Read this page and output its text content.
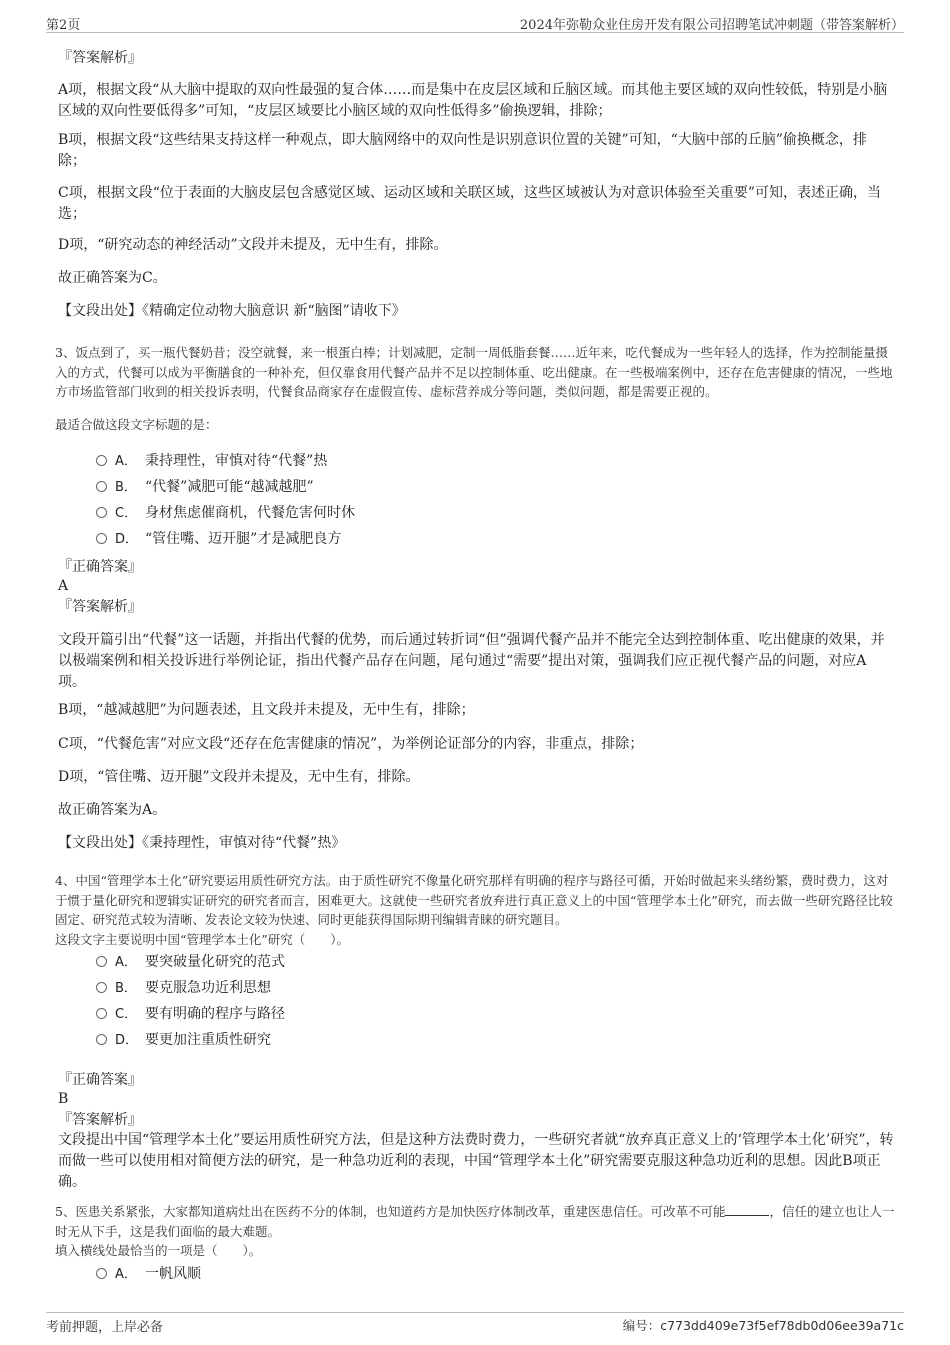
第2页	2024年弥勒众业住房开发有限公司招聘笔试冲刺题（带答案解析）

『答案解析』

A项，根据文段“从大脑中提取的双向性最强的复合体……而是集中在皮层区域和丘脑区域。而其他主要区域的双向性较低，特别是小脑区域的双向性要低得多”可知，“皮层区域要比小脑区域的双向性低得多”偷换逻辑，排除；

B项，根据文段“这些结果支持这样一种观点，即大脑网络中的双向性是识别意识位置的关键”可知，“大脑中部的丘脑”偷换概念，排除；

C项，根据文段“位于表面的大脑皮层包含感觉区域、运动区域和关联区域，这些区域被认为对意识体验至关重要”可知，表述正确，当选；

D项，“研究动态的神经活动”文段并未提及，无中生有，排除。

故正确答案为C。

【文段出处】《精确定位动物大脑意识 新“脑图”请收下》

3、饭点到了，买一瓶代餐奶昔；没空就餐，来一根蛋白棒；计划减肥，定制一周低脂套餐……近年来，吃代餐成为一些年轻人的选择，作为控制能量摄入的方式，代餐可以成为平衡膳食的一种补充，但仅靠食用代餐产品并不足以控制体重、吃出健康。在一些极端案例中，还存在危害健康的情况，一些地方市场监管部门收到的相关投诉表明，代餐食品商家存在虚假宣传、虚标营养成分等问题，类似问题，都是需要正视的。

最适合做这段文字标题的是：

A． 秉持理性，审慎对待“代餐”热
B． “代餐”减肥可能“越减越肥”
C． 身材焦虑催商机，代餐危害何时休
D． “管住嘴、迈开腿”才是减肥良方

『正确答案』

A

『答案解析』

文段开篇引出“代餐”这一话题，并指出代餐的优势，而后通过转折词“但”强调代餐产品并不能完全达到控制体重、吃出健康的效果，并以极端案例和相关投诉进行举例论证，指出代餐产品存在问题，尾句通过“需要”提出对策，强调我们应正视代餐产品的问题，对应A项。

B项，“越减越肥”为问题表述，且文段并未提及，无中生有，排除；

C项，“代餐危害”对应文段“还存在危害健康的情况”，为举例论证部分的内容，非重点，排除；

D项，“管住嘴、迈开腿”文段并未提及，无中生有，排除。

故正确答案为A。

【文段出处】《秉持理性，审慎对待“代餐”热》

4、中国“管理学本土化”研究要运用质性研究方法。由于质性研究不像量化研究那样有明确的程序与路径可循，开始时做起来头绪纷繁，费时费力，这对于惯于量化研究和逻辑实证研究的研究者而言，困难更大。这就使一些研究者放弃进行真正意义上的中国“管理学本土化”研究，而去做一些研究路径比较固定、研究范式较为清晰、发表论文较为快速、同时更能获得国际期刊编辑青睐的研究题目。

这段文字主要说明中国“管理学本土化”研究（　　）。

A． 要突破量化研究的范式
B． 要克服急功近利思想
C． 要有明确的程序与路径
D． 要更加注重质性研究

『正确答案』

B

『答案解析』

文段提出中国“管理学本土化”要运用质性研究方法，但是这种方法费时费力，一些研究者就“放弃真正意义上的‘管理学本土化’研究”，转而做一些可以使用相对简便方法的研究，是一种急功近利的表现，中国“管理学本土化”研究需要克服这种急功近利的思想。因此B项正确。

5、医患关系紧张，大家都知道病灶出在医药不分的体制，也知道药方是加快医疗体制改革，重建医患信任。可改革不可能	，信任的建立也让人一时无从下手，这是我们面临的最大难题。

填入横线处最恰当的一项是（　　）。

A． 一帆风顺
考前押题，上岸必备	编号：c773dd409e73f5ef78db0d06ee39a71c
